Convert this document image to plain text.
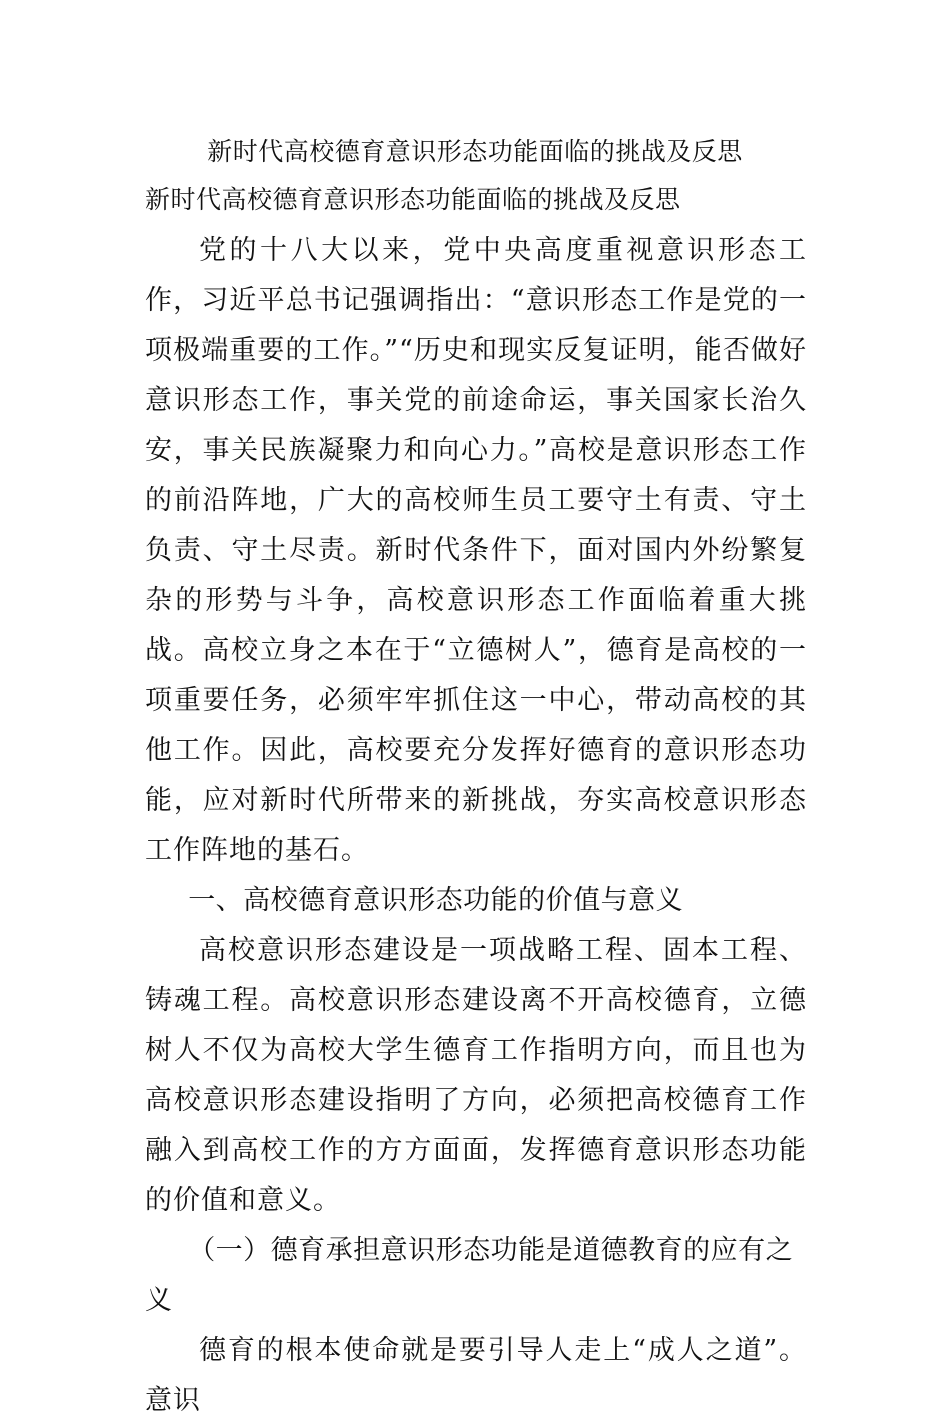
新时代高校德育意识形态功能面临的挑战及反思
新时代高校德育意识形态功能面临的挑战及反思

党的十八大以来，党中央高度重视意识形态工作，习近平总书记强调指出：“意识形态工作是党的一项极端重要的工作。”“历史和现实反复证明，能否做好意识形态工作，事关党的前途命运，事关国家长治久安，事关民族凝聚力和向心力。”高校是意识形态工作的前沿阵地，广大的高校师生员工要守土有责、守土负责、守土尽责。新时代条件下，面对国内外纷繁复杂的形势与斗争，高校意识形态工作面临着重大挑战。高校立身之本在于“立德树人”，德育是高校的一项重要任务，必须牢牢抓住这一中心，带动高校的其他工作。因此，高校要充分发挥好德育的意识形态功能，应对新时代所带来的新挑战，夯实高校意识形态工作阵地的基石。

一、高校德育意识形态功能的价值与意义

高校意识形态建设是一项战略工程、固本工程、铸魂工程。高校意识形态建设离不开高校德育，立德树人不仅为高校大学生德育工作指明方向，而且也为高校意识形态建设指明了方向，必须把高校德育工作融入到高校工作的方方面面，发挥德育意识形态功能的价值和意义。

（一）德育承担意识形态功能是道德教育的应有之义

德育的根本使命就是要引导人走上“成人之道”。意识
